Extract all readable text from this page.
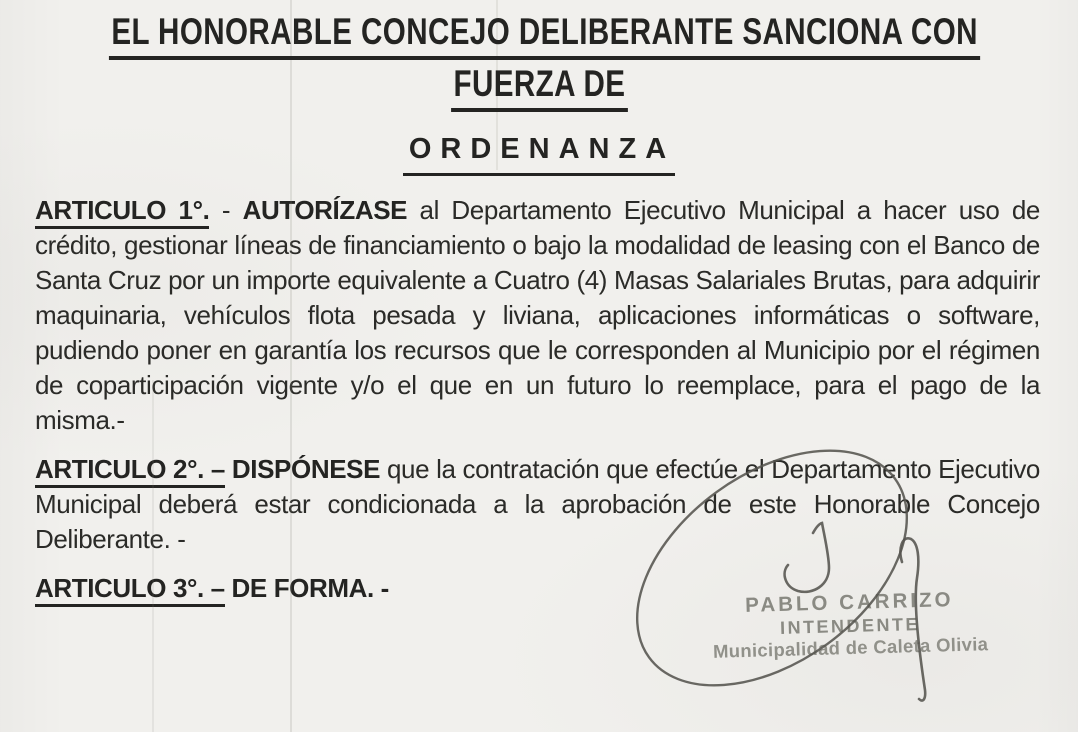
EL HONORABLE CONCEJO DELIBERANTE SANCIONA CON
FUERZA DE
ORDENANZA

ARTICULO 1°. - AUTORÍZASE al Departamento Ejecutivo Municipal a hacer uso de crédito, gestionar líneas de financiamiento o bajo la modalidad de leasing con el Banco de Santa Cruz por un importe equivalente a Cuatro (4) Masas Salariales Brutas, para adquirir maquinaria, vehículos flota pesada y liviana, aplicaciones informáticas o software, pudiendo poner en garantía los recursos que le corresponden al Municipio por el régimen de coparticipación vigente y/o el que en un futuro lo reemplace, para el pago de la misma.-

ARTICULO 2°. – DISPÓNESE que la contratación que efectúe el Departamento Ejecutivo Municipal deberá estar condicionada a la aprobación de este Honorable Concejo Deliberante. -

ARTICULO 3°. – DE FORMA. -	PABLO CARRIZO
INTENDENTE
Municipalidad de Caleta Olivia
